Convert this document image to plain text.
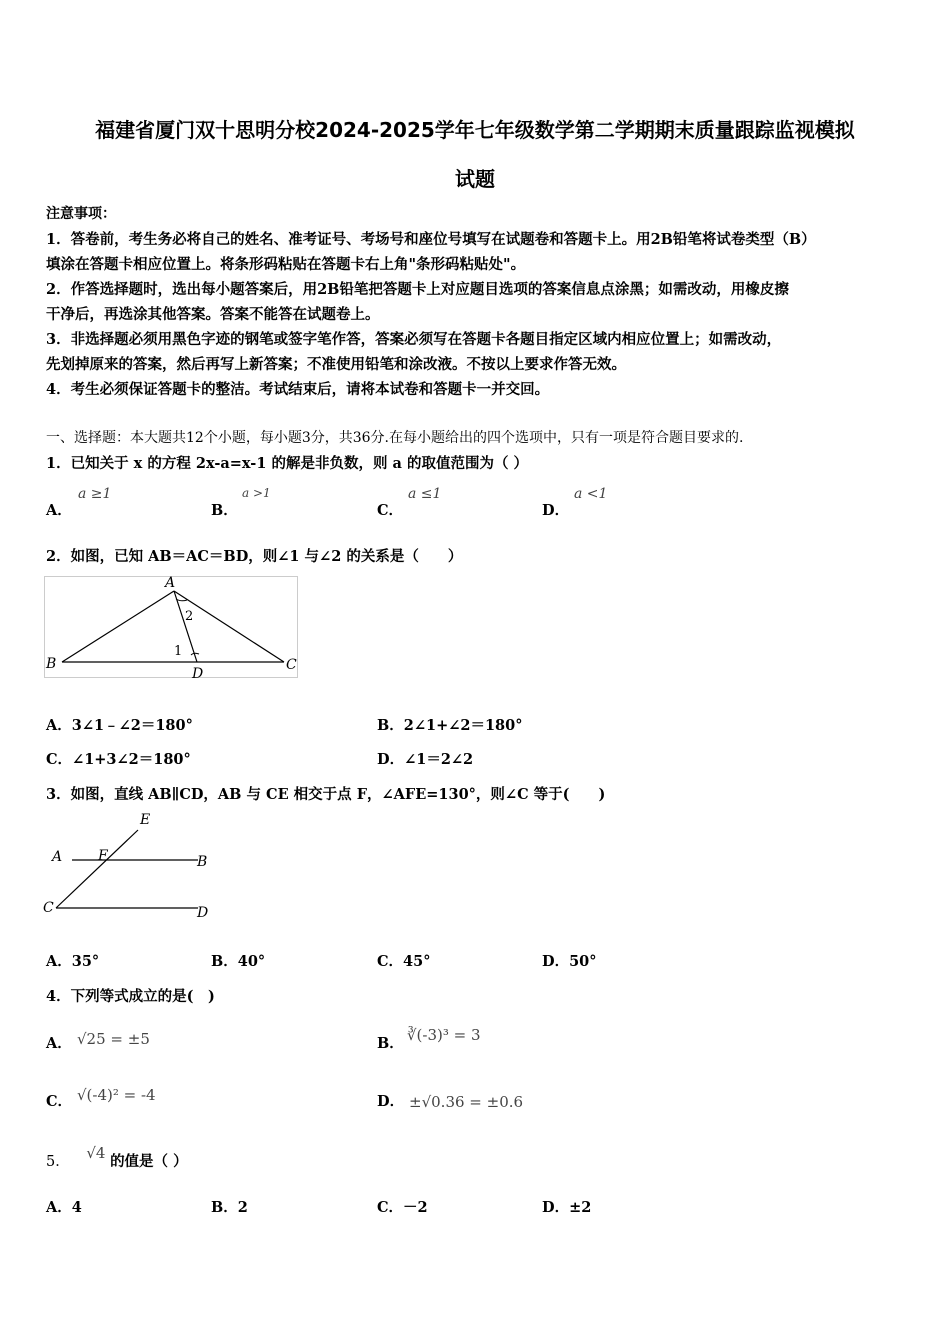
福建省厦门双十思明分校2024-2025学年七年级数学第二学期期末质量跟踪监视模拟
试题
注意事项：
1．答卷前，考生务必将自己的姓名、准考证号、考场号和座位号填写在试题卷和答题卡上。用2B铅笔将试卷类型（B）
填涂在答题卡相应位置上。将条形码粘贴在答题卡右上角"条形码粘贴处"。
2．作答选择题时，选出每小题答案后，用2B铅笔把答题卡上对应题目选项的答案信息点涂黑；如需改动，用橡皮擦
干净后，再选涂其他答案。答案不能答在试题卷上。
3．非选择题必须用黑色字迹的钢笔或签字笔作答，答案必须写在答题卡各题目指定区域内相应位置上；如需改动，
先划掉原来的答案，然后再写上新答案；不准使用铅笔和涂改液。不按以上要求作答无效。
4．考生必须保证答题卡的整洁。考试结束后，请将本试卷和答题卡一并交回。
一、选择题：本大题共12个小题，每小题3分，共36分.在每小题给出的四个选项中，只有一项是符合题目要求的.
1．已知关于 x 的方程 2x-a=x-1 的解是非负数，则 a 的取值范围为（ ）
A．
a ≥1
B．
a >1
C．
a ≤1
D．
a <1
2．如图，已知 AB＝AC＝BD，则∠1 与∠2 的关系是（　　）
A
B	C
D
1
2
A．3∠1﹣∠2＝180°	B．2∠1+∠2＝180°
C．∠1+3∠2＝180°	D．∠1＝2∠2
3．如图，直线 AB∥CD，AB 与 CE 相交于点 F，∠AFE=130°，则∠C 等于(　　)
E
A	F	B
C	D
A．35°	B．40°	C．45°	D．50°
4．下列等式成立的是(　)
A． √25 = ±5	B． ∛(-3)³ = 3
C． √(-4)² = -4	D． ±√0.36 = ±0.6
5． √4 的值是（ ）
A．4	B．2	C．－2	D．±2
